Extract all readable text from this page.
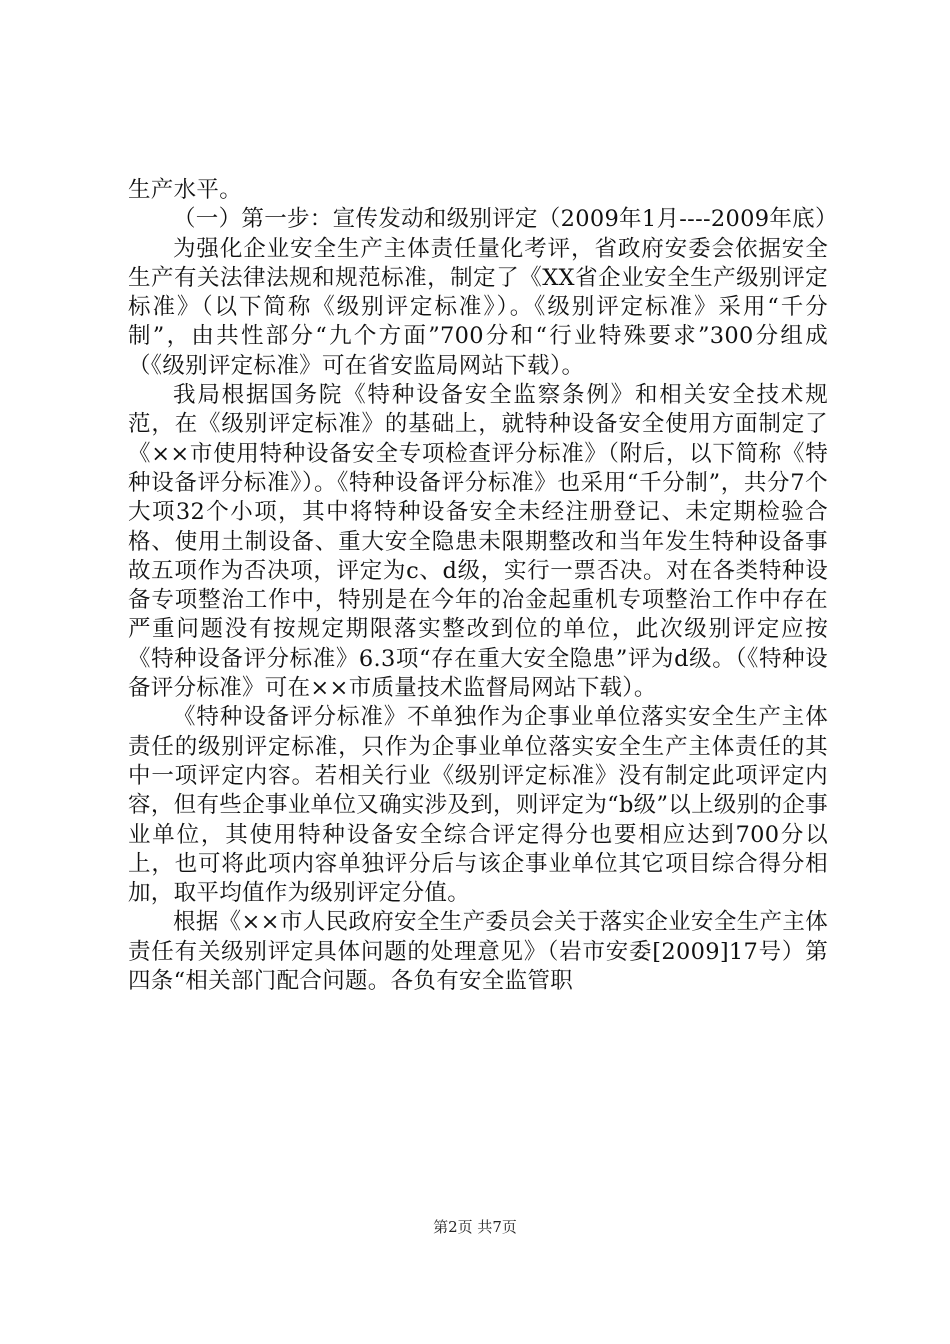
生产水平。

（一）第一步：宣传发动和级别评定（2009年1月----2009年底）

为强化企业安全生产主体责任量化考评，省政府安委会依据安全生产有关法律法规和规范标准，制定了《XX省企业安全生产级别评定标准》（以下简称《级别评定标准》）。《级别评定标准》采用“千分制”，由共性部分“九个方面”700分和“行业特殊要求”300分组成（《级别评定标准》可在省安监局网站下载）。

我局根据国务院《特种设备安全监察条例》和相关安全技术规范，在《级别评定标准》的基础上，就特种设备安全使用方面制定了《××市使用特种设备安全专项检查评分标准》（附后，以下简称《特种设备评分标准》）。《特种设备评分标准》也采用“千分制”，共分7个大项32个小项，其中将特种设备安全未经注册登记、未定期检验合格、使用土制设备、重大安全隐患未限期整改和当年发生特种设备事故五项作为否决项，评定为c、d级，实行一票否决。对在各类特种设备专项整治工作中，特别是在今年的冶金起重机专项整治工作中存在严重问题没有按规定期限落实整改到位的单位，此次级别评定应按《特种设备评分标准》6.3项“存在重大安全隐患”评为d级。（《特种设备评分标准》可在××市质量技术监督局网站下载）。

《特种设备评分标准》不单独作为企事业单位落实安全生产主体责任的级别评定标准，只作为企事业单位落实安全生产主体责任的其中一项评定内容。若相关行业《级别评定标准》没有制定此项评定内容，但有些企事业单位又确实涉及到，则评定为“b级”以上级别的企事业单位，其使用特种设备安全综合评定得分也要相应达到700分以上，也可将此项内容单独评分后与该企事业单位其它项目综合得分相加，取平均值作为级别评定分值。

根据《××市人民政府安全生产委员会关于落实企业安全生产主体责任有关级别评定具体问题的处理意见》（岩市安委[2009]17号）第四条“相关部门配合问题。各负有安全监管职

第2页 共7页
